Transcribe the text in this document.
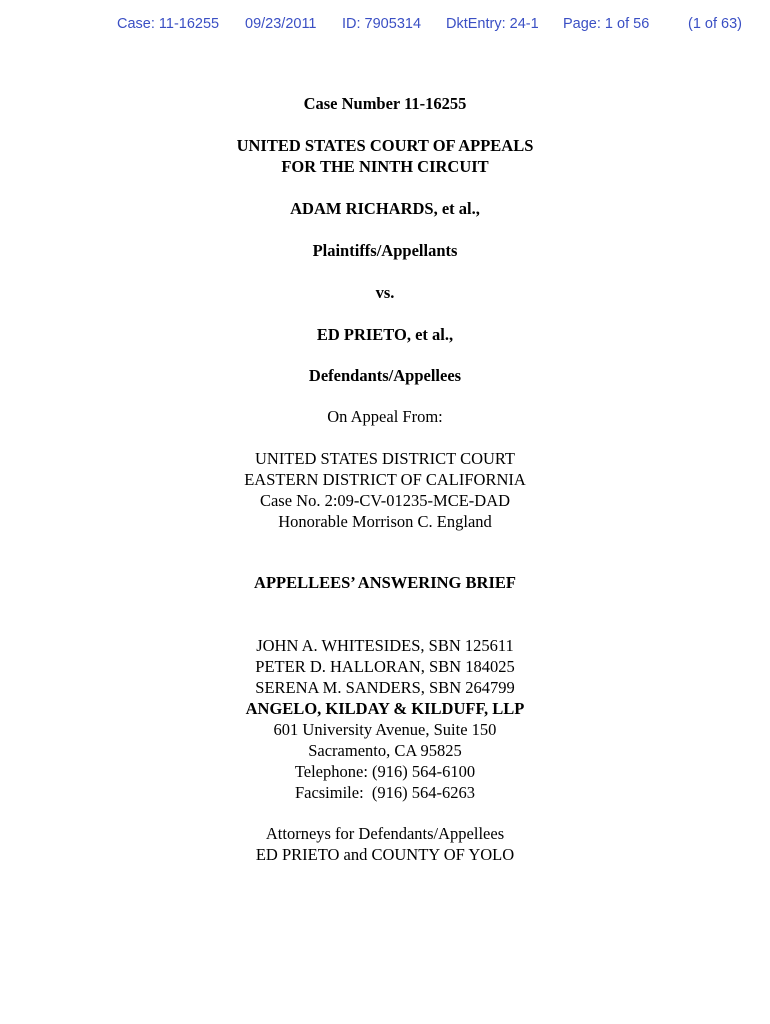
Case: 11-16255 09/23/2011 ID: 7905314 DktEntry: 24-1 Page: 1 of 56	(1 of 63)
Case Number 11-16255
UNITED STATES COURT OF APPEALS
FOR THE NINTH CIRCUIT
ADAM RICHARDS, et al.,
Plaintiffs/Appellants
vs.
ED PRIETO, et al.,
Defendants/Appellees
On Appeal From:
UNITED STATES DISTRICT COURT
EASTERN DISTRICT OF CALIFORNIA
Case No. 2:09-CV-01235-MCE-DAD
Honorable Morrison C. England
APPELLEES’ ANSWERING BRIEF
JOHN A. WHITESIDES, SBN 125611
PETER D. HALLORAN, SBN 184025
SERENA M. SANDERS, SBN 264799
ANGELO, KILDAY & KILDUFF, LLP
601 University Avenue, Suite 150
Sacramento, CA 95825
Telephone: (916) 564-6100
Facsimile:  (916) 564-6263
Attorneys for Defendants/Appellees
ED PRIETO and COUNTY OF YOLO
